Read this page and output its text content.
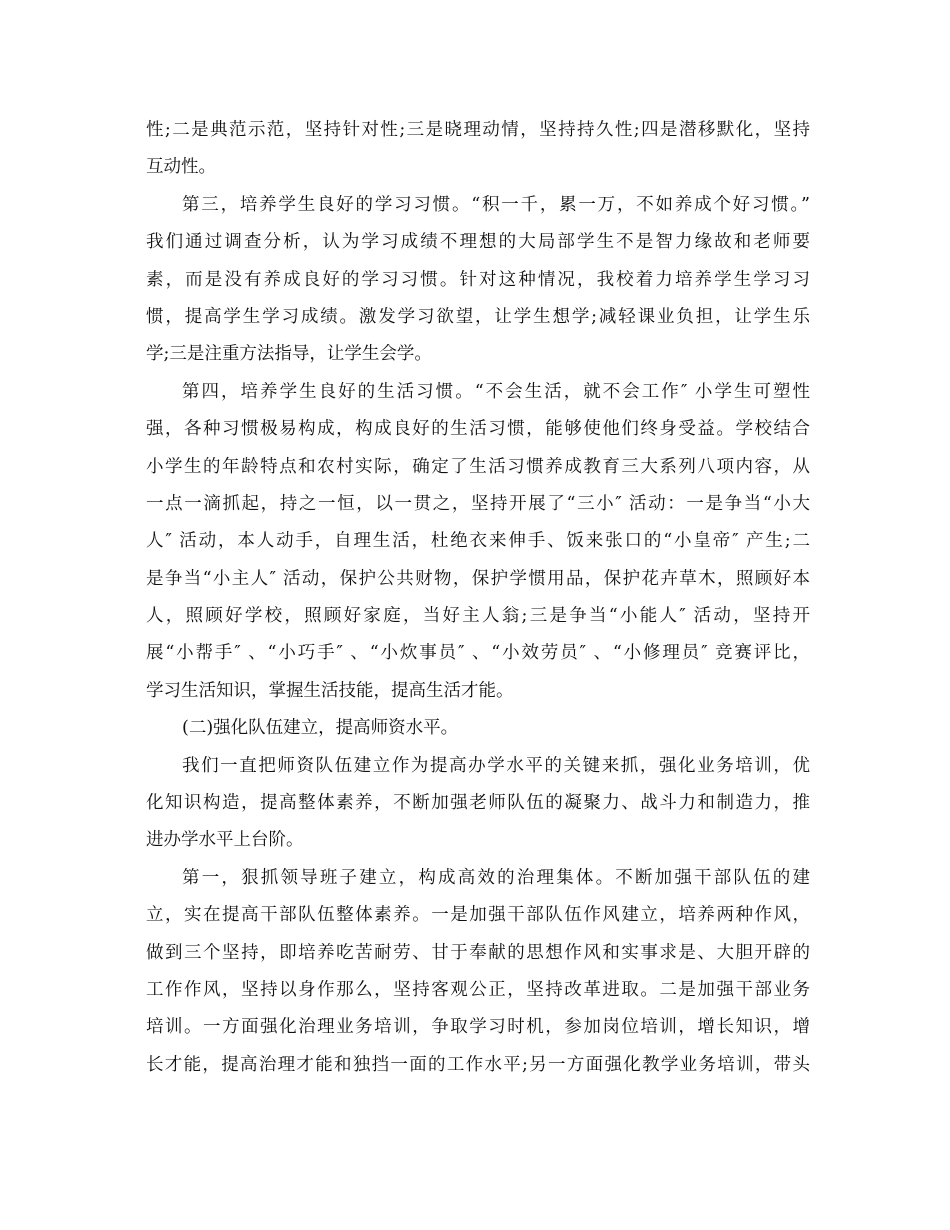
性;二是典范示范，坚持针对性;三是晓理动情，坚持持久性;四是潜移默化，坚持
互动性。
第三，培养学生良好的学习习惯。“积一千，累一万，不如养成个好习惯。”
我们通过调查分析，认为学习成绩不理想的大局部学生不是智力缘故和老师要
素，而是没有养成良好的学习习惯。针对这种情况，我校着力培养学生学习习
惯，提高学生学习成绩。激发学习欲望，让学生想学;减轻课业负担，让学生乐
学;三是注重方法指导，让学生会学。
第四，培养学生良好的生活习惯。“不会生活，就不会工作″ 小学生可塑性
强，各种习惯极易构成，构成良好的生活习惯，能够使他们终身受益。学校结合
小学生的年龄特点和农村实际，确定了生活习惯养成教育三大系列八项内容，从
一点一滴抓起，持之一恒，以一贯之，坚持开展了“三小″ 活动：一是争当“小大
人″ 活动，本人动手，自理生活，杜绝衣来伸手、饭来张口的“小皇帝″ 产生;二
是争当“小主人″ 活动，保护公共财物，保护学惯用品，保护花卉草木，照顾好本
人，照顾好学校，照顾好家庭，当好主人翁;三是争当“小能人″ 活动，坚持开
展“小帮手″ 、“小巧手″ 、“小炊事员″ 、“小效劳员″ 、“小修理员″ 竞赛评比，
学习生活知识，掌握生活技能，提高生活才能。
(二)强化队伍建立，提高师资水平。
我们一直把师资队伍建立作为提高办学水平的关键来抓，强化业务培训，优
化知识构造，提高整体素养，不断加强老师队伍的凝聚力、战斗力和制造力，推
进办学水平上台阶。
第一，狠抓领导班子建立，构成高效的治理集体。不断加强干部队伍的建
立，实在提高干部队伍整体素养。一是加强干部队伍作风建立，培养两种作风，
做到三个坚持，即培养吃苦耐劳、甘于奉献的思想作风和实事求是、大胆开辟的
工作作风，坚持以身作那么，坚持客观公正，坚持改革进取。二是加强干部业务
培训。一方面强化治理业务培训，争取学习时机，参加岗位培训，增长知识，增
长才能，提高治理才能和独挡一面的工作水平;另一方面强化教学业务培训，带头
